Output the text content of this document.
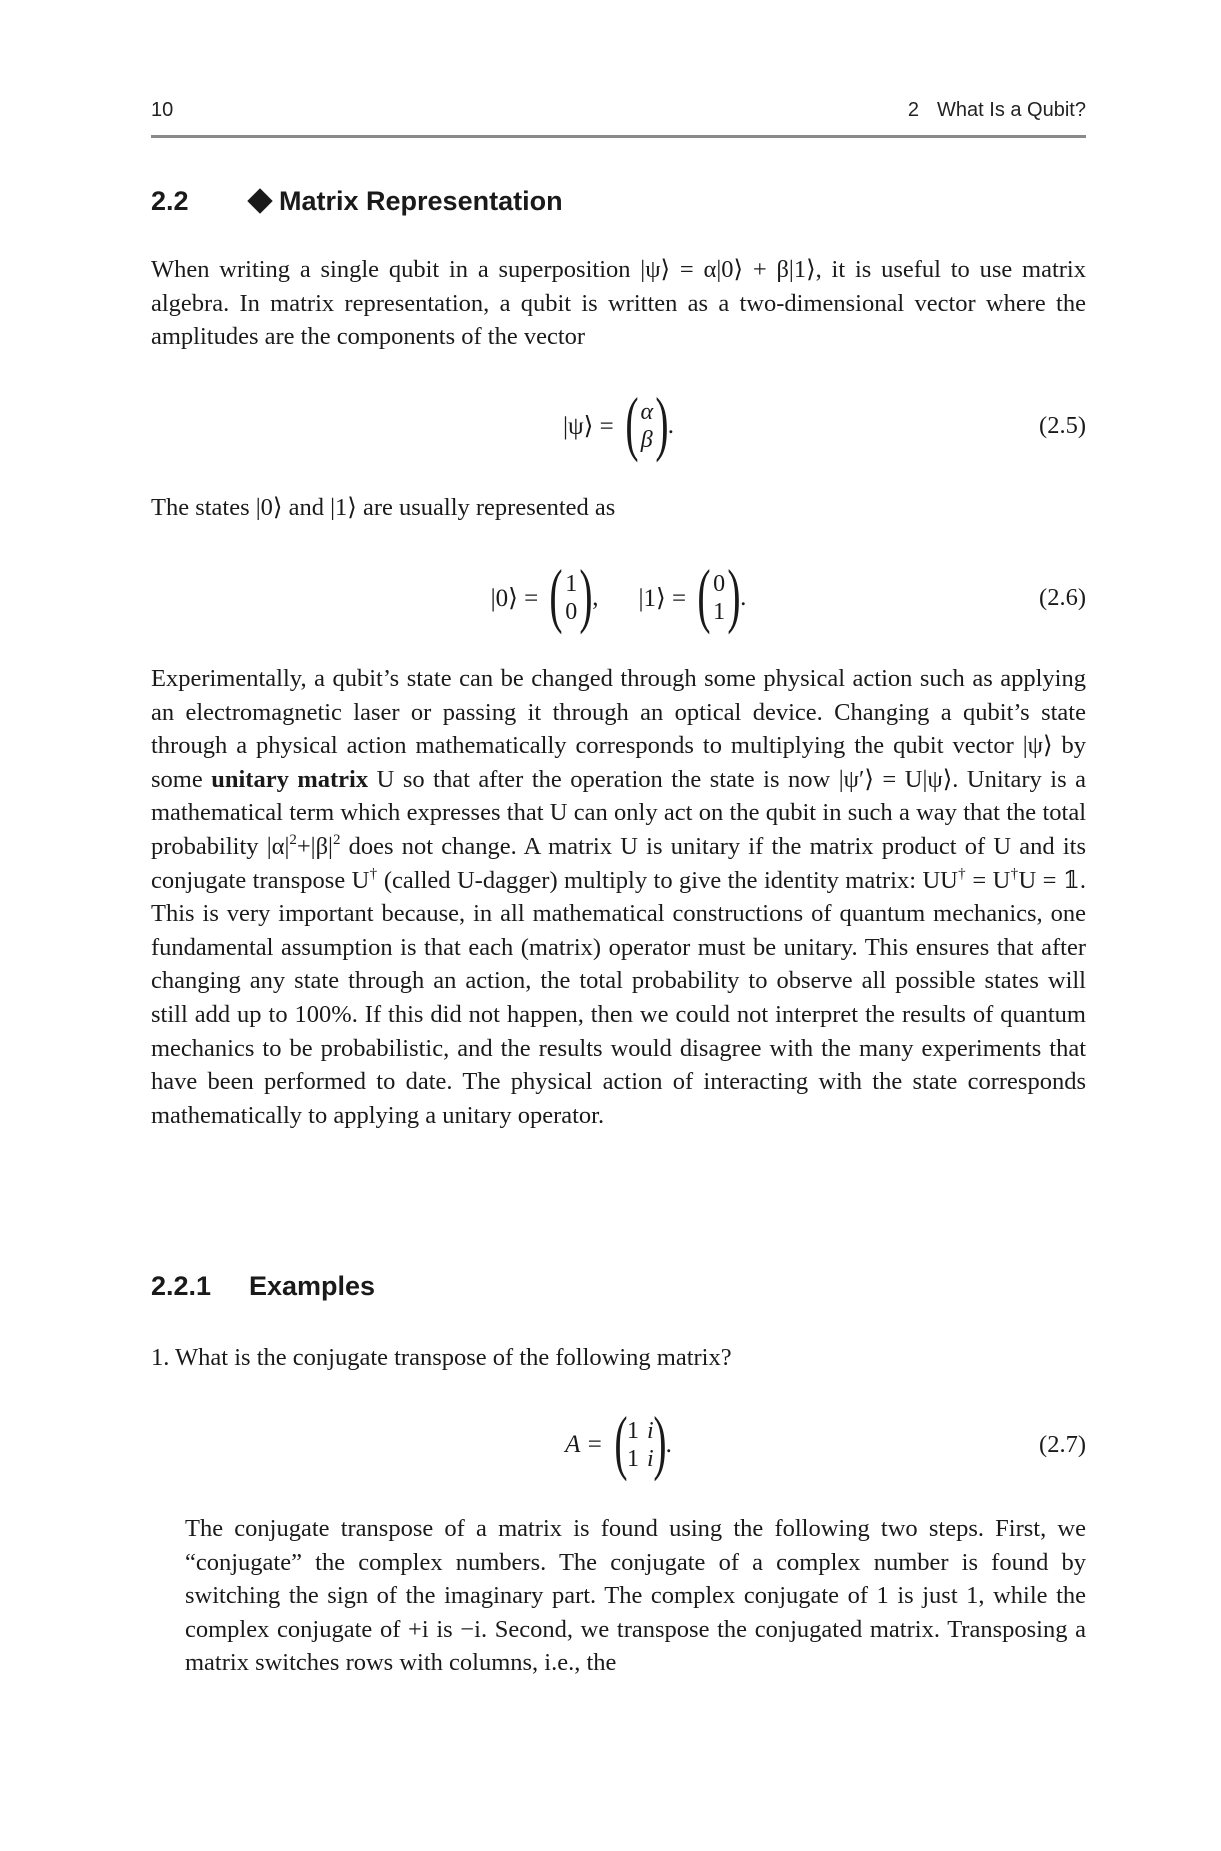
10	2 What Is a Qubit?
2.2	Matrix Representation

When writing a single qubit in a superposition |ψ⟩ = α|0⟩ + β|1⟩, it is useful to use matrix algebra. In matrix representation, a qubit is written as a two-dimensional vector where the amplitudes are the components of the vector

|ψ⟩ = ( α
β ) .	(2.5)

The states |0⟩ and |1⟩ are usually represented as

|0⟩ = ( 1
0 ) , |1⟩ = ( 0
1 ) .	(2.6)

Experimentally, a qubit’s state can be changed through some physical action such as applying an electromagnetic laser or passing it through an optical device. Changing a qubit’s state through a physical action mathematically corresponds to multiplying the qubit vector |ψ⟩ by some unitary matrix U so that after the operation the state is now |ψ′⟩ = U|ψ⟩. Unitary is a mathematical term which expresses that U can only act on the qubit in such a way that the total probability $|\alpha|^2+|\beta|^2$ does not change. A matrix U is unitary if the matrix product of U and its conjugate transpose U† (called U-dagger) multiply to give the identity matrix: UU† = U†U = 𝟙. This is very important because, in all mathematical constructions of quantum mechanics, one fundamental assumption is that each (matrix) operator must be unitary. This ensures that after changing any state through an action, the total probability to observe all possible states will still add up to 100%. If this did not happen, then we could not interpret the results of quantum mechanics to be probabilistic, and the results would disagree with the many experiments that have been performed to date. The physical action of interacting with the state corresponds mathematically to applying a unitary operator.

2.2.1 Examples

1. What is the conjugate transpose of the following matrix?

A = ( 1 i
1 i ) .	(2.7)

The conjugate transpose of a matrix is found using the following two steps. First, we “conjugate” the complex numbers. The conjugate of a complex number is found by switching the sign of the imaginary part. The complex conjugate of 1 is just 1, while the complex conjugate of +i is −i. Second, we transpose the conjugated matrix. Transposing a matrix switches rows with columns, i.e., the
